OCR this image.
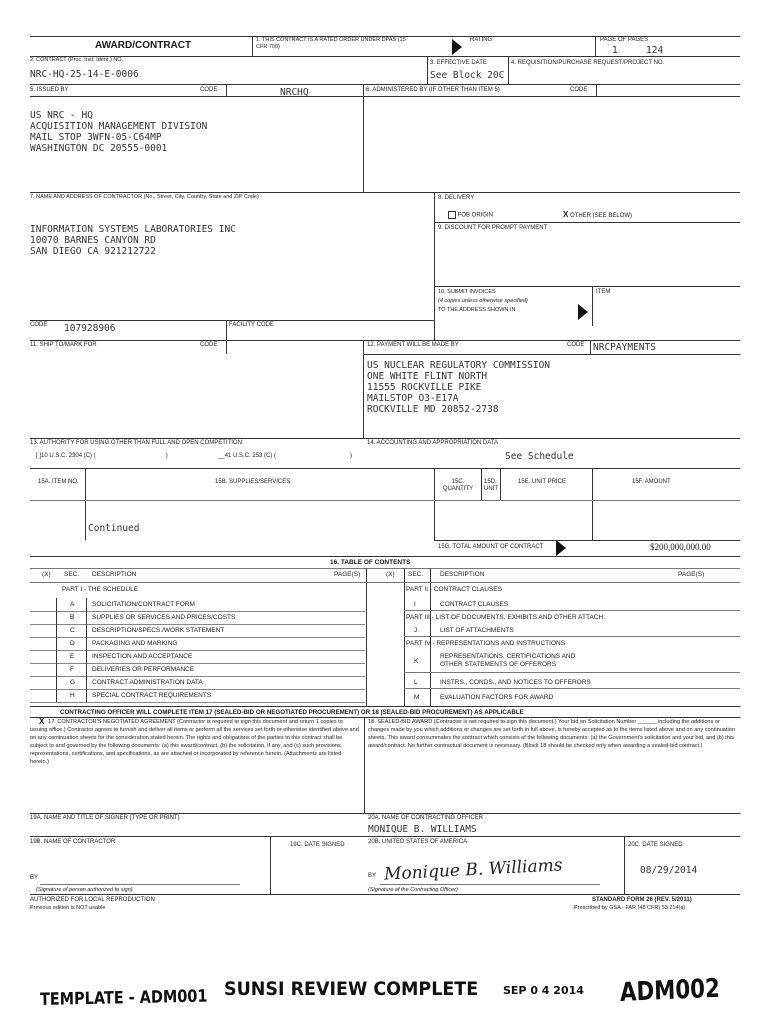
AWARD/CONTRACT	1. THIS CONTRACT IS A RATED ORDER UNDER DPAS (15 CFR 700)
RATING	PAGE OF PAGES
1	124
2. CONTRACT (Proc. Inst. Ident.) NO.
NRC-HQ-25-14-E-0006
3. EFFECTIVE DATE
See Block 20C
4. REQUISITION/PURCHASE REQUEST/PROJECT NO.
5. ISSUED BY	CODE	NRCHQ	6. ADMINISTERED BY (IF OTHER THAN ITEM 5)	CODE
US NRC - HQ
ACQUISITION MANAGEMENT DIVISION
MAIL STOP 3WFN-05-C64MP
WASHINGTON DC 20555-0001
7. NAME AND ADDRESS OF CONTRACTOR (No., Street, City, Country, State and ZIP Code)
INFORMATION SYSTEMS LABORATORIES INC
10070 BARNES CANYON RD
SAN DIEGO CA 921212722
8. DELIVERY
FOB ORIGIN	X OTHER (SEE BELOW)
9. DISCOUNT FOR PROMPT PAYMENT
10. SUBMIT INVOICES
(4 copies unless otherwise specified)
TO THE ADDRESS SHOWN IN
ITEM
CODE 107928906	FACILITY CODE
11. SHIP TO/MARK FOR	CODE	12. PAYMENT WILL BE MADE BY	CODE NRCPAYMENTS
US NUCLEAR REGULATORY COMMISSION
ONE WHITE FLINT NORTH
11555 ROCKVILLE PIKE
MAILSTOP O3-E17A
ROCKVILLE MD 20852-2738
13. AUTHORITY FOR USING OTHER THAN FULL AND OPEN COMPETITION:
[ ]10 U.S.C. 2304 (C) (	)	__41 U.S.C. 253 (C) (	)
14. ACCOUNTING AND APPROPRIATION DATA
See Schedule
15A. ITEM NO.	15B. SUPPLIES/SERVICES	15C. QUANTITY
15D. UNIT
15E. UNIT PRICE	15F. AMOUNT
Continued
15G. TOTAL AMOUNT OF CONTRACT	$200,000,000.00
16. TABLE OF CONTENTS
(X) SEC. DESCRIPTION	PAGE(S)	(X) SEC.	DESCRIPTION	PAGE(S)
PART I - THE SCHEDULE	PART II - CONTRACT CLAUSES
A	SOLICITATION/CONTRACT FORM
B	SUPPLIES OR SERVICES AND PRICES/COSTS
C	DESCRIPTION/SPECS./WORK STATEMENT
D	PACKAGING AND MARKING
E	INSPECTION AND ACCEPTANCE
F	DELIVERIES OR PERFORMANCE
G	CONTRACT ADMINISTRATION DATA
H	SPECIAL CONTRACT REQUIREMENTS
I	CONTRACT CLAUSES
PART III - LIST OF DOCUMENTS, EXHIBITS AND OTHER ATTACH.
J	LIST OF ATTACHMENTS
PART IV - REPRESENTATIONS AND INSTRUCTIONS
K
REPRESENTATIONS, CERTIFICATIONS AND
OTHER STATEMENTS OF OFFERORS
L	INSTRS., CONDS., AND NOTICES TO OFFERORS
M	EVALUATION FACTORS FOR AWARD
CONTRACTING OFFICER WILL COMPLETE ITEM 17 (SEALED-BID OR NEGOTIATED PROCUREMENT) OR 18 (SEALED-BID PROCUREMENT) AS APPLICABLE
X 17. CONTRACTOR'S NEGOTIATED AGREEMENT (Contractor is required to sign this document and return 1 copies to issuing office.) Contractor agrees to furnish and deliver all items or perform all the services set forth or otherwise identified above and on any continuation sheets for the consideration stated herein. The rights and obligations of the parties to this contract shall be subject to and governed by the following documents: (a) this award/contract, (b) the solicitation, if any, and (c) such provisions, representations, certifications, and specifications, as are attached or incorporated by reference herein. (Attachments are listed herein.)
18. SEALED-BID AWARD (Contractor is not required to sign this document.) Your bid on Solicitation Number ______ including the additions or changes made by you which additions or changes are set forth in full above, is hereby accepted as to the items listed above and on any continuation sheets. This award consummates the contract which consists of the following documents: (a) the Government's solicitation and your bid, and (b) this award/contract. No further contractual document is necessary. (Block 18 should be checked only when awarding a sealed-bid contract.)
19A. NAME AND TITLE OF SIGNER (TYPE OR PRINT)	20A. NAME OF CONTRACTING OFFICER
MONIQUE B. WILLIAMS
19B. NAME OF CONTRACTOR	19C. DATE SIGNED	20B. UNITED STATES OF AMERICA	20C. DATE SIGNED
08/29/2014
BY
(Signature of person authorized to sign)
BY Monique B. Williams
(Signature of the Contracting Officer)
AUTHORIZED FOR LOCAL REPRODUCTION
Previous edition is NOT usable
STANDARD FORM 26 (REV. 5/2011)
Prescribed by GSA - FAR (48 CFR) 53.214(a)
TEMPLATE - ADM001 SUNSI REVIEW COMPLETE SEP 0 4 2014 ADM002
